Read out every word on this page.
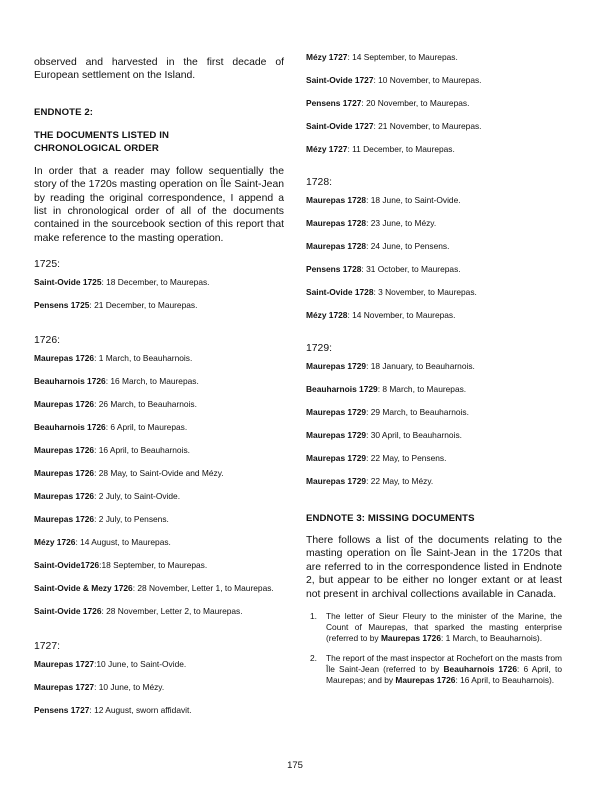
observed and harvested in the first decade of European settlement on the Island.

ENDNOTE 2:

THE DOCUMENTS LISTED IN

CHRONOLOGICAL ORDER

In order that a reader may follow sequentially the story of the 1720s masting operation on Île Saint-Jean by reading the original correspondence, I append a list in chronological order of all of the documents contained in the sourcebook section of this report that make reference to the masting operation.

1725:

Saint-Ovide 1725: 18 December, to Maurepas.

Pensens 1725: 21 December, to Maurepas.

1726:

Maurepas 1726: 1 March, to Beauharnois.

Beauharnois 1726: 16 March, to Maurepas.

Maurepas 1726: 26 March, to Beauharnois.

Beauharnois 1726: 6 April, to Maurepas.

Maurepas 1726: 16 April, to Beauharnois.

Maurepas 1726: 28 May, to Saint-Ovide and Mézy.

Maurepas 1726: 2 July, to Saint-Ovide.

Maurepas 1726: 2 July, to Pensens.

Mézy 1726: 14 August, to Maurepas.

Saint-Ovide1726:18 September, to Maurepas.

Saint-Ovide & Mezy 1726: 28 November, Letter 1, to Maurepas.

Saint-Ovide 1726: 28 November, Letter 2, to Maurepas.

1727:

Maurepas 1727:10 June, to Saint-Ovide.

Maurepas 1727: 10 June, to Mézy.

Pensens 1727: 12 August, sworn affidavit.

Mézy 1727: 14 September, to Maurepas.

Saint-Ovide 1727: 10 November, to Maurepas.

Pensens 1727: 20 November, to Maurepas.

Saint-Ovide 1727: 21 November, to Maurepas.

Mézy 1727: 11 December, to Maurepas.

1728:

Maurepas 1728: 18 June, to Saint-Ovide.

Maurepas 1728: 23 June, to Mézy.

Maurepas 1728: 24 June, to Pensens.

Pensens 1728: 31 October, to Maurepas.

Saint-Ovide 1728: 3 November, to Maurepas.

Mézy 1728: 14 November, to Maurepas.

1729:

Maurepas 1729: 18 January, to Beauharnois.

Beauharnois 1729: 8 March, to Maurepas.

Maurepas 1729: 29 March, to Beauharnois.

Maurepas 1729: 30 April, to Beauharnois.

Maurepas 1729: 22 May, to Pensens.

Maurepas 1729: 22 May, to Mézy.

ENDNOTE 3: MISSING DOCUMENTS

There follows a list of the documents relating to the masting operation on Île Saint-Jean in the 1720s that are referred to in the correspondence listed in Endnote 2, but appear to be either no longer extant or at least not present in archival collections available in Canada.

1. The letter of Sieur Fleury to the minister of the Marine, the Count of Maurepas, that sparked the masting enterprise (referred to by Maurepas 1726: 1 March, to Beauharnois).
2. The report of the mast inspector at Rochefort on the masts from Île Saint-Jean (referred to by Beauharnois 1726: 6 April, to Maurepas; and by Maurepas 1726: 16 April, to Beauharnois).
175
